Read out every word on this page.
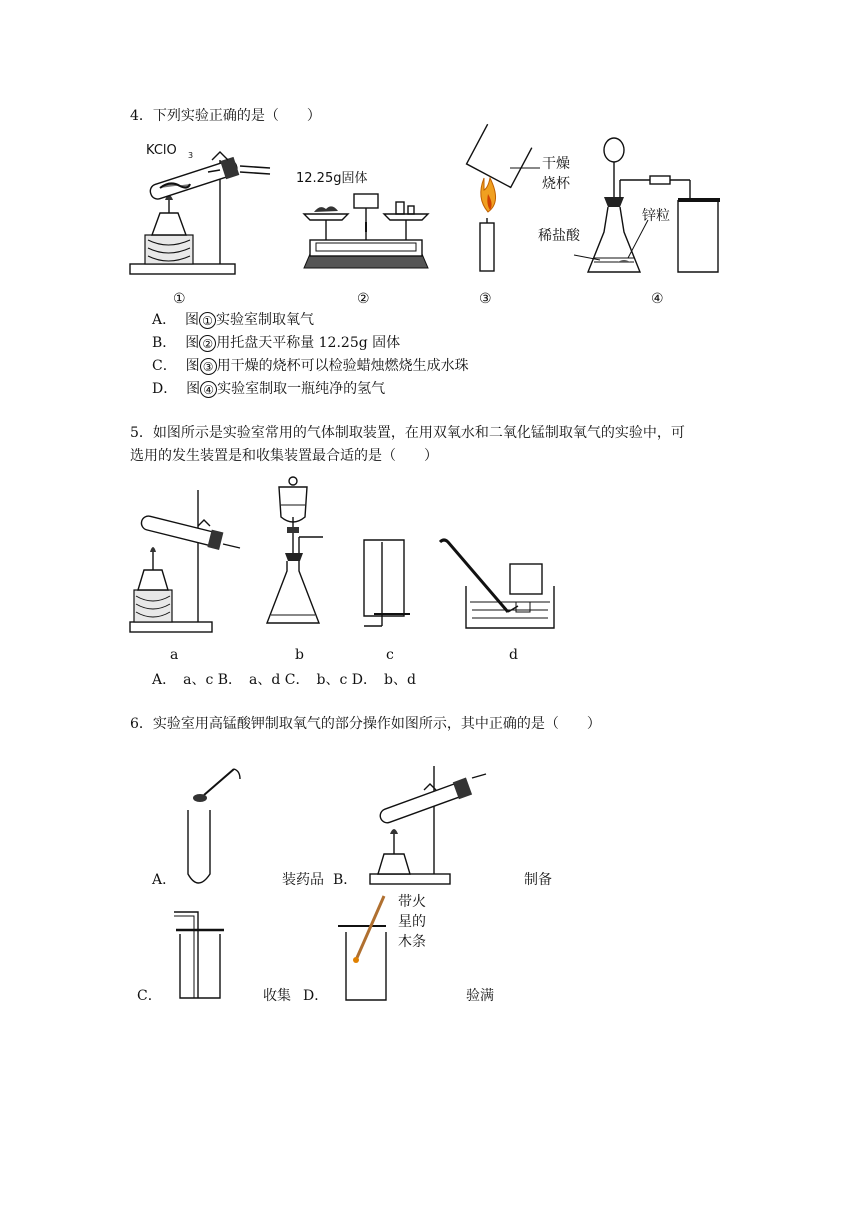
4．下列实验正确的是（　　）
KClO 3
①
12.25g固体
②
干燥
烧杯
③
稀盐酸
锌粒
④
A． 图 ① 实验室制取氧气
B． 图 ② 用托盘天平称量 12.25g 固体
C． 图 ③ 用干燥的烧杯可以检验蜡烛燃烧生成水珠
D． 图 ④ 实验室制取一瓶纯净的氢气
5．如图所示是实验室常用的气体制取装置，在用双氧水和二氧化锰制取氧气的实验中，可
选用的发生装置是和收集装置最合适的是（　　）
a	b	c	d
A．　a、c B．　a、d C．　b、c D．　b、d
6．实验室用高锰酸钾制取氧气的部分操作如图所示，其中正确的是（　　）
A．	装药品 B．	制备
C．	收集
带火
星的
木条
D．	验满
